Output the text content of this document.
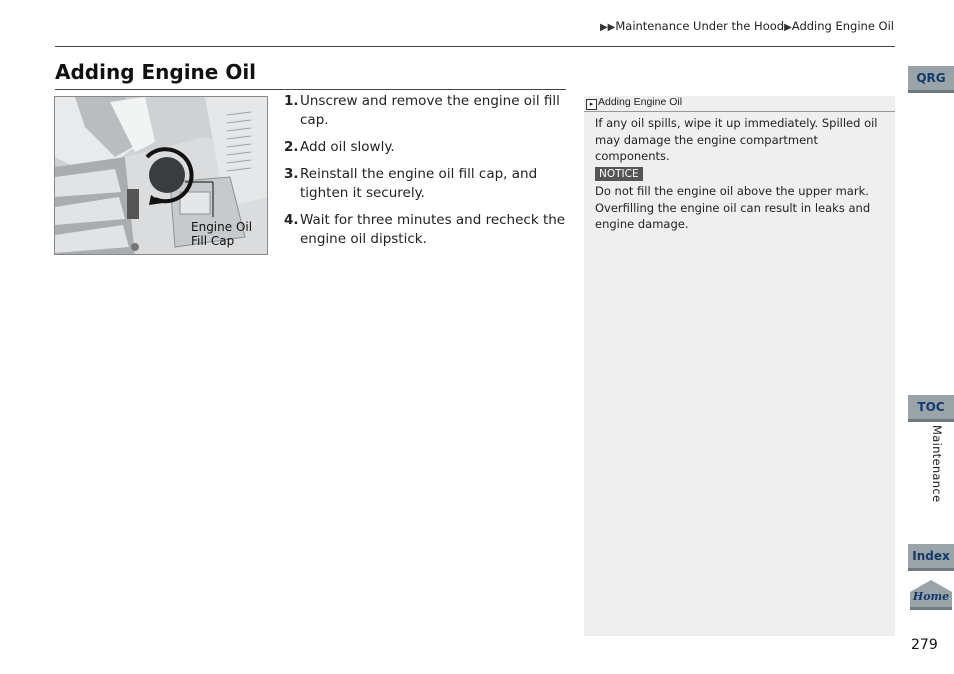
▶▶Maintenance Under the Hood▶Adding Engine Oil
Adding Engine Oil
Engine Oil
Fill Cap
1. Unscrew and remove the engine oil fill cap.
2. Add oil slowly.
3. Reinstall the engine oil fill cap, and tighten it securely.
4. Wait for three minutes and recheck the engine oil dipstick.
▸ Adding Engine Oil
If any oil spills, wipe it up immediately. Spilled oil may damage the engine compartment components.
NOTICE
Do not fill the engine oil above the upper mark. Overfilling the engine oil can result in leaks and engine damage.
QRG
TOC
Maintenance
Index
Home
279
